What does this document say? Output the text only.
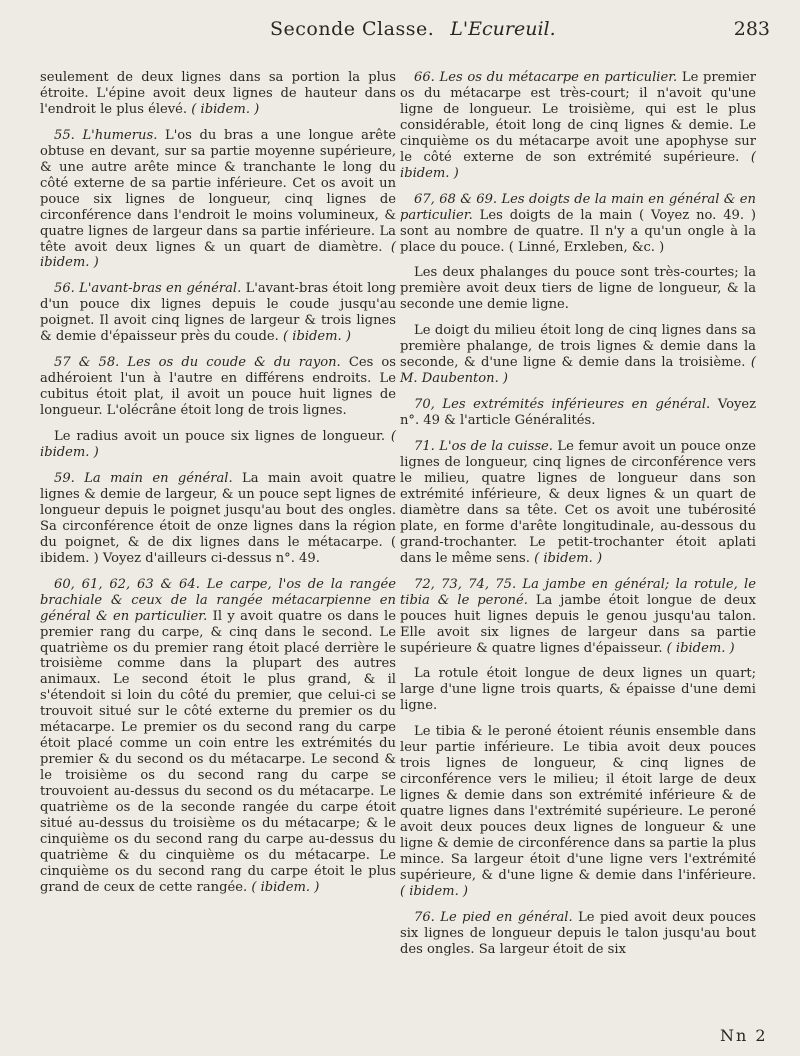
Seconde Classe. L'Ecureuil.	283

seulement de deux lignes dans sa portion la plus étroite. L'épine avoit deux lignes de hauteur dans l'endroit le plus élevé. ( ibidem. )

55. L'humerus. L'os du bras a une longue arête obtuse en devant, sur sa partie moyenne supérieure, & une autre arête mince & tranchante le long du côté externe de sa partie inférieure. Cet os avoit un pouce six lignes de longueur, cinq lignes de circonférence dans l'endroit le moins volumineux, & quatre lignes de largeur dans sa partie inférieure. La tête avoit deux lignes & un quart de diamètre. ( ibidem. )

56. L'avant-bras en général. L'avant-bras étoit long d'un pouce dix lignes depuis le coude jusqu'au poignet. Il avoit cinq lignes de largeur & trois lignes & demie d'épaisseur près du coude. ( ibidem. )

57 & 58. Les os du coude & du rayon. Ces os adhéroient l'un à l'autre en différens endroits. Le cubitus étoit plat, il avoit un pouce huit lignes de longueur. L'olécrâne étoit long de trois lignes.

Le radius avoit un pouce six lignes de longueur. ( ibidem. )

59. La main en général. La main avoit quatre lignes & demie de largeur, & un pouce sept lignes de longueur depuis le poignet jusqu'au bout des ongles. Sa circonférence étoit de onze lignes dans la région du poignet, & de dix lignes dans le métacarpe. ( ibidem. ) Voyez d'ailleurs ci-dessus n°. 49.

60, 61, 62, 63 & 64. Le carpe, l'os de la rangée brachiale & ceux de la rangée métacarpienne en général & en particulier. Il y avoit quatre os dans le premier rang du carpe, & cinq dans le second. Le quatrième os du premier rang étoit placé derrière le troisième comme dans la plupart des autres animaux. Le second étoit le plus grand, & il s'étendoit si loin du côté du premier, que celui-ci se trouvoit situé sur le côté externe du premier os du métacarpe. Le premier os du second rang du carpe étoit placé comme un coin entre les extrémités du premier & du second os du métacarpe. Le second & le troisième os du second rang du carpe se trouvoient au-dessus du second os du métacarpe. Le quatrième os de la seconde rangée du carpe étoit situé au-dessus du troisième os du métacarpe; & le cinquième os du second rang du carpe au-dessus du quatrième & du cinquième os du métacarpe. Le cinquième os du second rang du carpe étoit le plus grand de ceux de cette rangée. ( ibidem. )

66. Les os du métacarpe en particulier. Le premier os du métacarpe est très-court; il n'avoit qu'une ligne de longueur. Le troisième, qui est le plus considérable, étoit long de cinq lignes & demie. Le cinquième os du métacarpe avoit une apophyse sur le côté externe de son extrémité supérieure. ( ibidem. )

67, 68 & 69. Les doigts de la main en général & en particulier. Les doigts de la main ( Voyez no. 49. ) sont au nombre de quatre. Il n'y a qu'un ongle à la place du pouce. ( Linné, Erxleben, &c. )

Les deux phalanges du pouce sont très-courtes; la première avoit deux tiers de ligne de longueur, & la seconde une demie ligne.

Le doigt du milieu étoit long de cinq lignes dans sa première phalange, de trois lignes & demie dans la seconde, & d'une ligne & demie dans la troisième. ( M. Daubenton. )

70, Les extrémités inférieures en général. Voyez n°. 49 & l'article Généralités.

71. L'os de la cuisse. Le femur avoit un pouce onze lignes de longueur, cinq lignes de circonférence vers le milieu, quatre lignes de longueur dans son extrémité inférieure, & deux lignes & un quart de diamètre dans sa tête. Cet os avoit une tubérosité plate, en forme d'arête longitudinale, au-dessous du grand-trochanter. Le petit-trochanter étoit aplati dans le même sens. ( ibidem. )

72, 73, 74, 75. La jambe en général; la rotule, le tibia & le peroné. La jambe étoit longue de deux pouces huit lignes depuis le genou jusqu'au talon. Elle avoit six lignes de largeur dans sa partie supérieure & quatre lignes d'épaisseur. ( ibidem. )

La rotule étoit longue de deux lignes un quart; large d'une ligne trois quarts, & épaisse d'une demi ligne.

Le tibia & le peroné étoient réunis ensemble dans leur partie inférieure. Le tibia avoit deux pouces trois lignes de longueur, & cinq lignes de circonférence vers le milieu; il étoit large de deux lignes & demie dans son extrémité inférieure & de quatre lignes dans l'extrémité supérieure. Le peroné avoit deux pouces deux lignes de longueur & une ligne & demie de circonférence dans sa partie la plus mince. Sa largeur étoit d'une ligne vers l'extrémité supérieure, & d'une ligne & demie dans l'inférieure. ( ibidem. )

76. Le pied en général. Le pied avoit deux pouces six lignes de longueur depuis le talon jusqu'au bout des ongles. Sa largeur étoit de six

Nn 2
